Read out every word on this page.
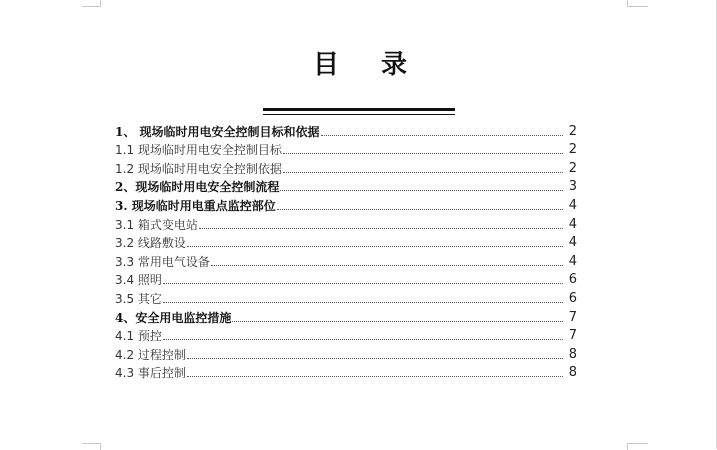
目录
1、 现场临时用电安全控制目标和依据	2
1.1 现场临时用电安全控制目标	2
1.2 现场临时用电安全控制依据	2
2、现场临时用电安全控制流程	3
3. 现场临时用电重点监控部位	4
3.1 箱式变电站	4
3.2 线路敷设	4
3.3 常用电气设备	4
3.4 照明	6
3.5 其它	6
4、安全用电监控措施	7
4.1 预控	7
4.2 过程控制	8
4.3 事后控制	8
